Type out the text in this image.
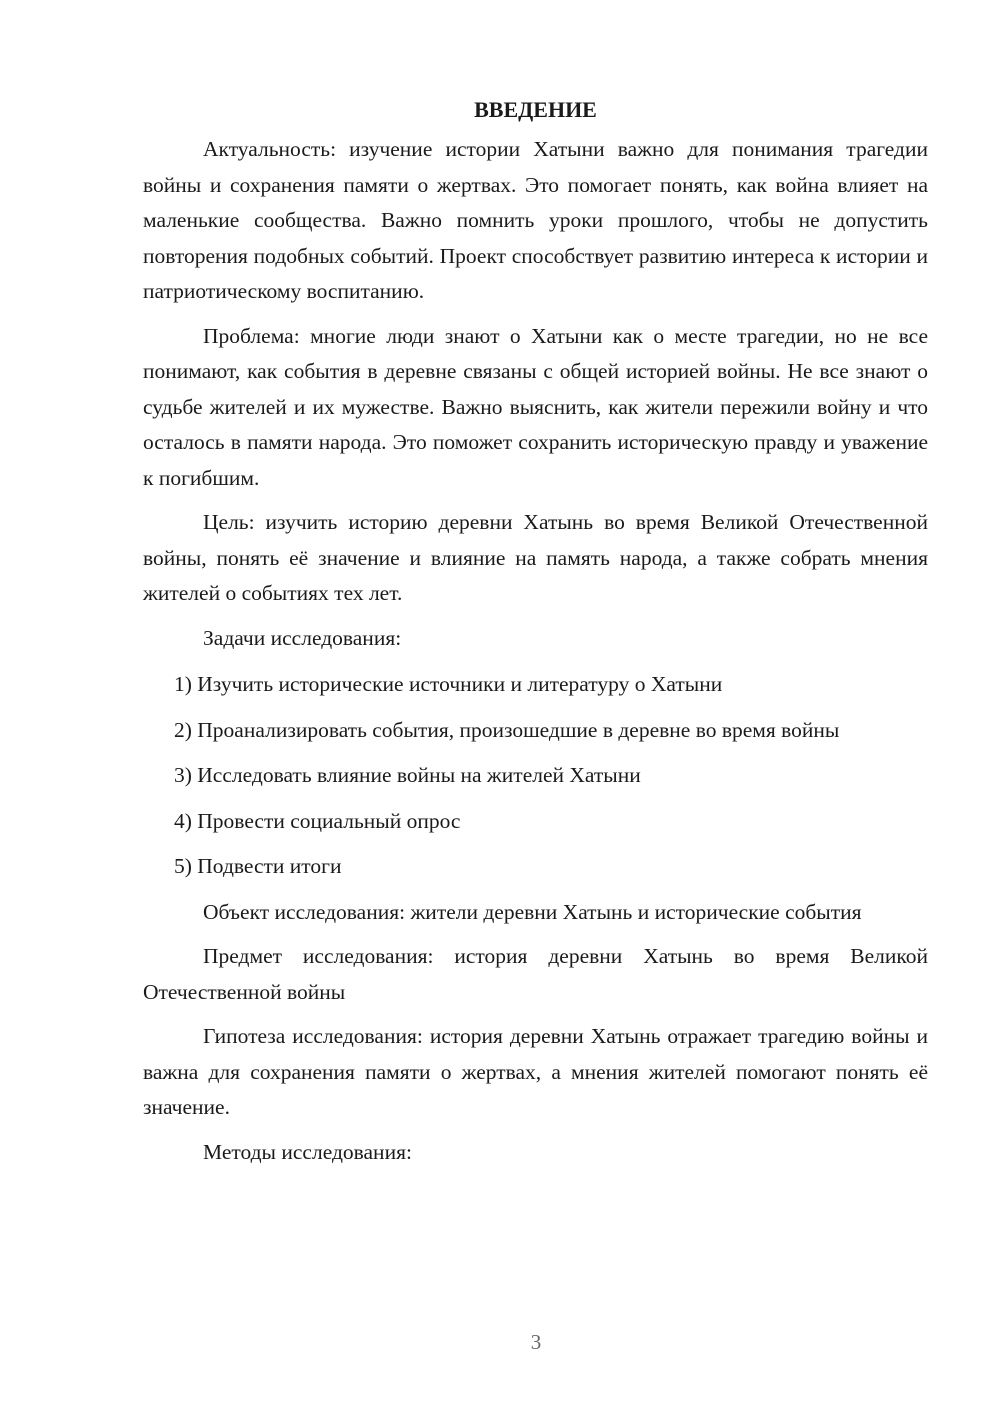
ВВЕДЕНИЕ

Актуальность: изучение истории Хатыни важно для понимания трагедии войны и сохранения памяти о жертвах. Это помогает понять, как война влияет на маленькие сообщества. Важно помнить уроки прошлого, чтобы не допустить повторения подобных событий. Проект способствует развитию интереса к истории и патриотическому воспитанию.

Проблема: многие люди знают о Хатыни как о месте трагедии, но не все понимают, как события в деревне связаны с общей историей войны. Не все знают о судьбе жителей и их мужестве. Важно выяснить, как жители пережили войну и что осталось в памяти народа. Это поможет сохранить историческую правду и уважение к погибшим.

Цель: изучить историю деревни Хатынь во время Великой Отечественной войны, понять её значение и влияние на память народа, а также собрать мнения жителей о событиях тех лет.

Задачи исследования:

1) Изучить исторические источники и литературу о Хатыни

2) Проанализировать события, произошедшие в деревне во время войны

3) Исследовать влияние войны на жителей Хатыни

4) Провести социальный опрос

5) Подвести итоги

Объект исследования: жители деревни Хатынь и исторические события

Предмет исследования: история деревни Хатынь во время Великой Отечественной войны

Гипотеза исследования: история деревни Хатынь отражает трагедию войны и важна для сохранения памяти о жертвах, а мнения жителей помогают понять её значение.

Методы исследования:

3
